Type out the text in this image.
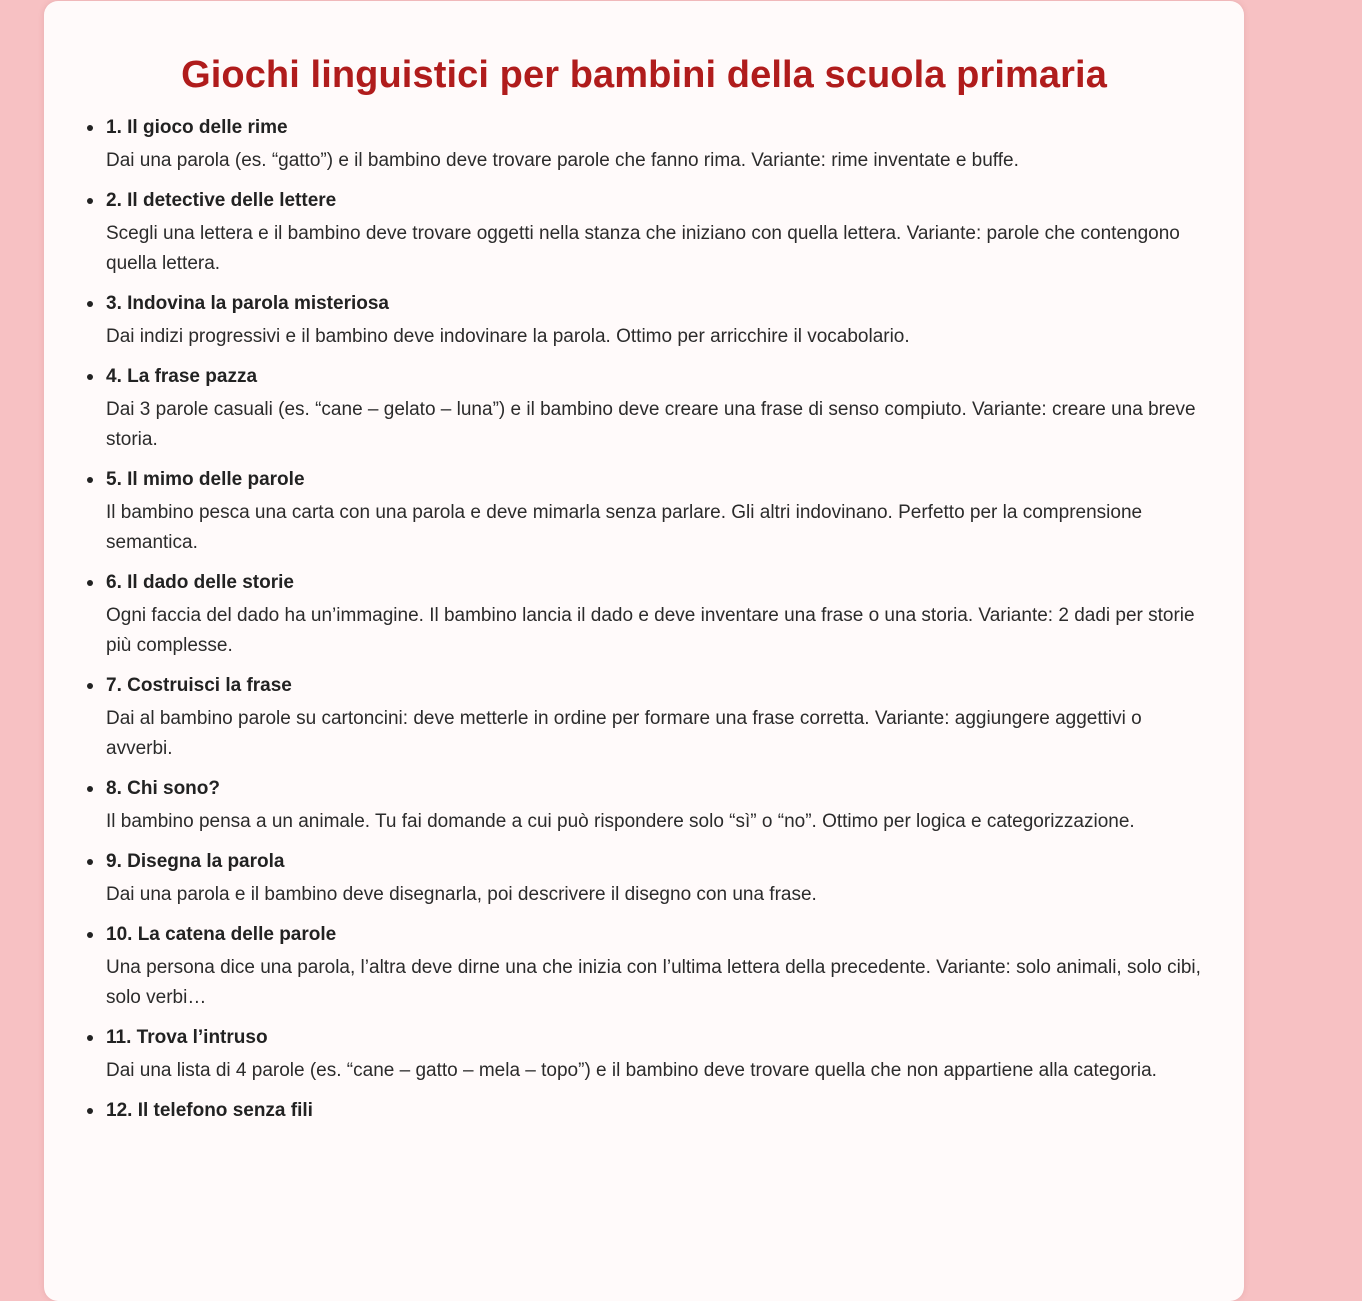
Giochi linguistici per bambini della scuola primaria
1. Il gioco delle rime
Dai una parola (es. “gatto”) e il bambino deve trovare parole che fanno rima. Variante: rime inventate e buffe.
2. Il detective delle lettere
Scegli una lettera e il bambino deve trovare oggetti nella stanza che iniziano con quella lettera. Variante: parole che contengono quella lettera.
3. Indovina la parola misteriosa
Dai indizi progressivi e il bambino deve indovinare la parola. Ottimo per arricchire il vocabolario.
4. La frase pazza
Dai 3 parole casuali (es. “cane – gelato – luna”) e il bambino deve creare una frase di senso compiuto. Variante: creare una breve storia.
5. Il mimo delle parole
Il bambino pesca una carta con una parola e deve mimarla senza parlare. Gli altri indovinano. Perfetto per la comprensione semantica.
6. Il dado delle storie
Ogni faccia del dado ha un’immagine. Il bambino lancia il dado e deve inventare una frase o una storia. Variante: 2 dadi per storie più complesse.
7. Costruisci la frase
Dai al bambino parole su cartoncini: deve metterle in ordine per formare una frase corretta. Variante: aggiungere aggettivi o avverbi.
8. Chi sono?
Il bambino pensa a un animale. Tu fai domande a cui può rispondere solo “sì” o “no”. Ottimo per logica e categorizzazione.
9. Disegna la parola
Dai una parola e il bambino deve disegnarla, poi descrivere il disegno con una frase.
10. La catena delle parole
Una persona dice una parola, l’altra deve dirne una che inizia con l’ultima lettera della precedente. Variante: solo animali, solo cibi, solo verbi…
11. Trova l’intruso
Dai una lista di 4 parole (es. “cane – gatto – mela – topo”) e il bambino deve trovare quella che non appartiene alla categoria.
12. Il telefono senza fili
